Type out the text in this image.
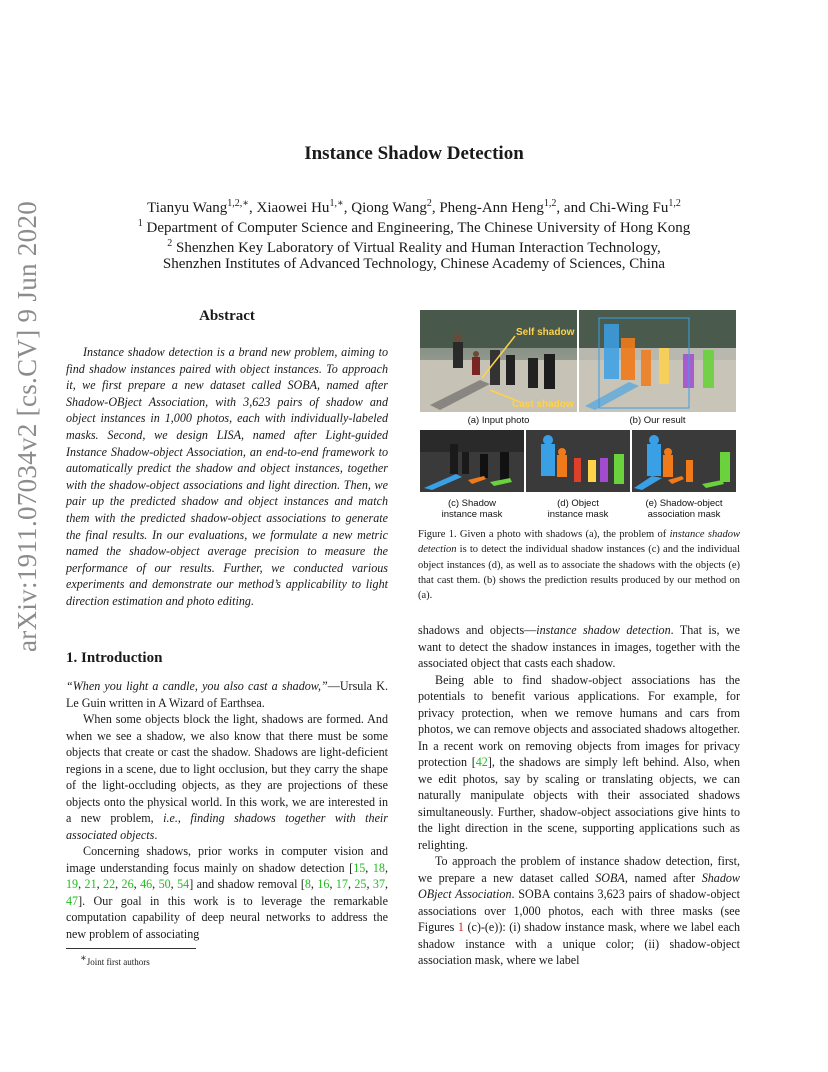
arXiv:1911.07034v2 [cs.CV] 9 Jun 2020
Instance Shadow Detection
Tianyu Wang$^{1,2,∗}$, Xiaowei $Hu^{1,∗}$, Qiong Wang$^2$, Pheng-Ann Heng$^{1,2}$, and Chi-Wing Fu$^{1,2}$
$^1$ Department of Computer Science and Engineering, The Chinese University of Hong Kong
$^2$ Shenzhen Key Laboratory of Virtual Reality and Human Interaction Technology,
Shenzhen Institutes of Advanced Technology, Chinese Academy of Sciences, China
Abstract
Instance shadow detection is a brand new problem, aiming to find shadow instances paired with object instances. To approach it, we first prepare a new dataset called SOBA, named after Shadow-OBject Association, with 3,623 pairs of shadow and object instances in 1,000 photos, each with individually-labeled masks. Second, we design LISA, named after Light-guided Instance Shadow-object Association, an end-to-end framework to automatically predict the shadow and object instances, together with the shadow-object associations and light direction. Then, we pair up the predicted shadow and object instances and match them with the predicted shadow-object associations to generate the final results. In our evaluations, we formulate a new metric named the shadow-object average precision to measure the performance of our results. Further, we conducted various experiments and demonstrate our method’s applicability to light direction estimation and photo editing.
1. Introduction

“When you light a candle, you also cast a shadow,”—Ursula K. Le Guin written in A Wizard of Earthsea.

When some objects block the light, shadows are formed. And when we see a shadow, we also know that there must be some objects that create or cast the shadow. Shadows are light-deficient regions in a scene, due to light occlusion, but they carry the shape of the light-occluding objects, as they are projections of these objects onto the physical world. In this work, we are interested in a new problem, i.e., finding shadows together with their associated objects.

Concerning shadows, prior works in computer vision and image understanding focus mainly on shadow detection [15, 18, 19, 21, 22, 26, 46, 50, 54] and shadow removal [8, 16, 17, 25, 37, 47]. Our goal in this work is to leverage the remarkable computation capability of deep neural networks to address the new problem of associating

∗Joint first authors
Self shadow
Cast shadow
(a) Input photo	(b) Our result
(c) Shadow
instance mask
(d) Object
instance mask
(e) Shadow-object
association mask
Figure 1. Given a photo with shadows (a), the problem of instance shadow detection is to detect the individual shadow instances (c) and the individual object instances (d), as well as to associate the shadows with the objects (e) that cast them. (b) shows the prediction results produced by our method on (a).

shadows and objects—instance shadow detection. That is, we want to detect the shadow instances in images, together with the associated object that casts each shadow.

Being able to find shadow-object associations has the potentials to benefit various applications. For example, for privacy protection, when we remove humans and cars from photos, we can remove objects and associated shadows altogether. In a recent work on removing objects from images for privacy protection [42], the shadows are simply left behind. Also, when we edit photos, say by scaling or translating objects, we can naturally manipulate objects with their associated shadows simultaneously. Further, shadow-object associations give hints to the light direction in the scene, supporting applications such as relighting.

To approach the problem of instance shadow detection, first, we prepare a new dataset called SOBA, named after Shadow OBject Association. SOBA contains 3,623 pairs of shadow-object associations over 1,000 photos, each with three masks (see Figures 1 (c)-(e)): (i) shadow instance mask, where we label each shadow instance with a unique color; (ii) shadow-object association mask, where we label
